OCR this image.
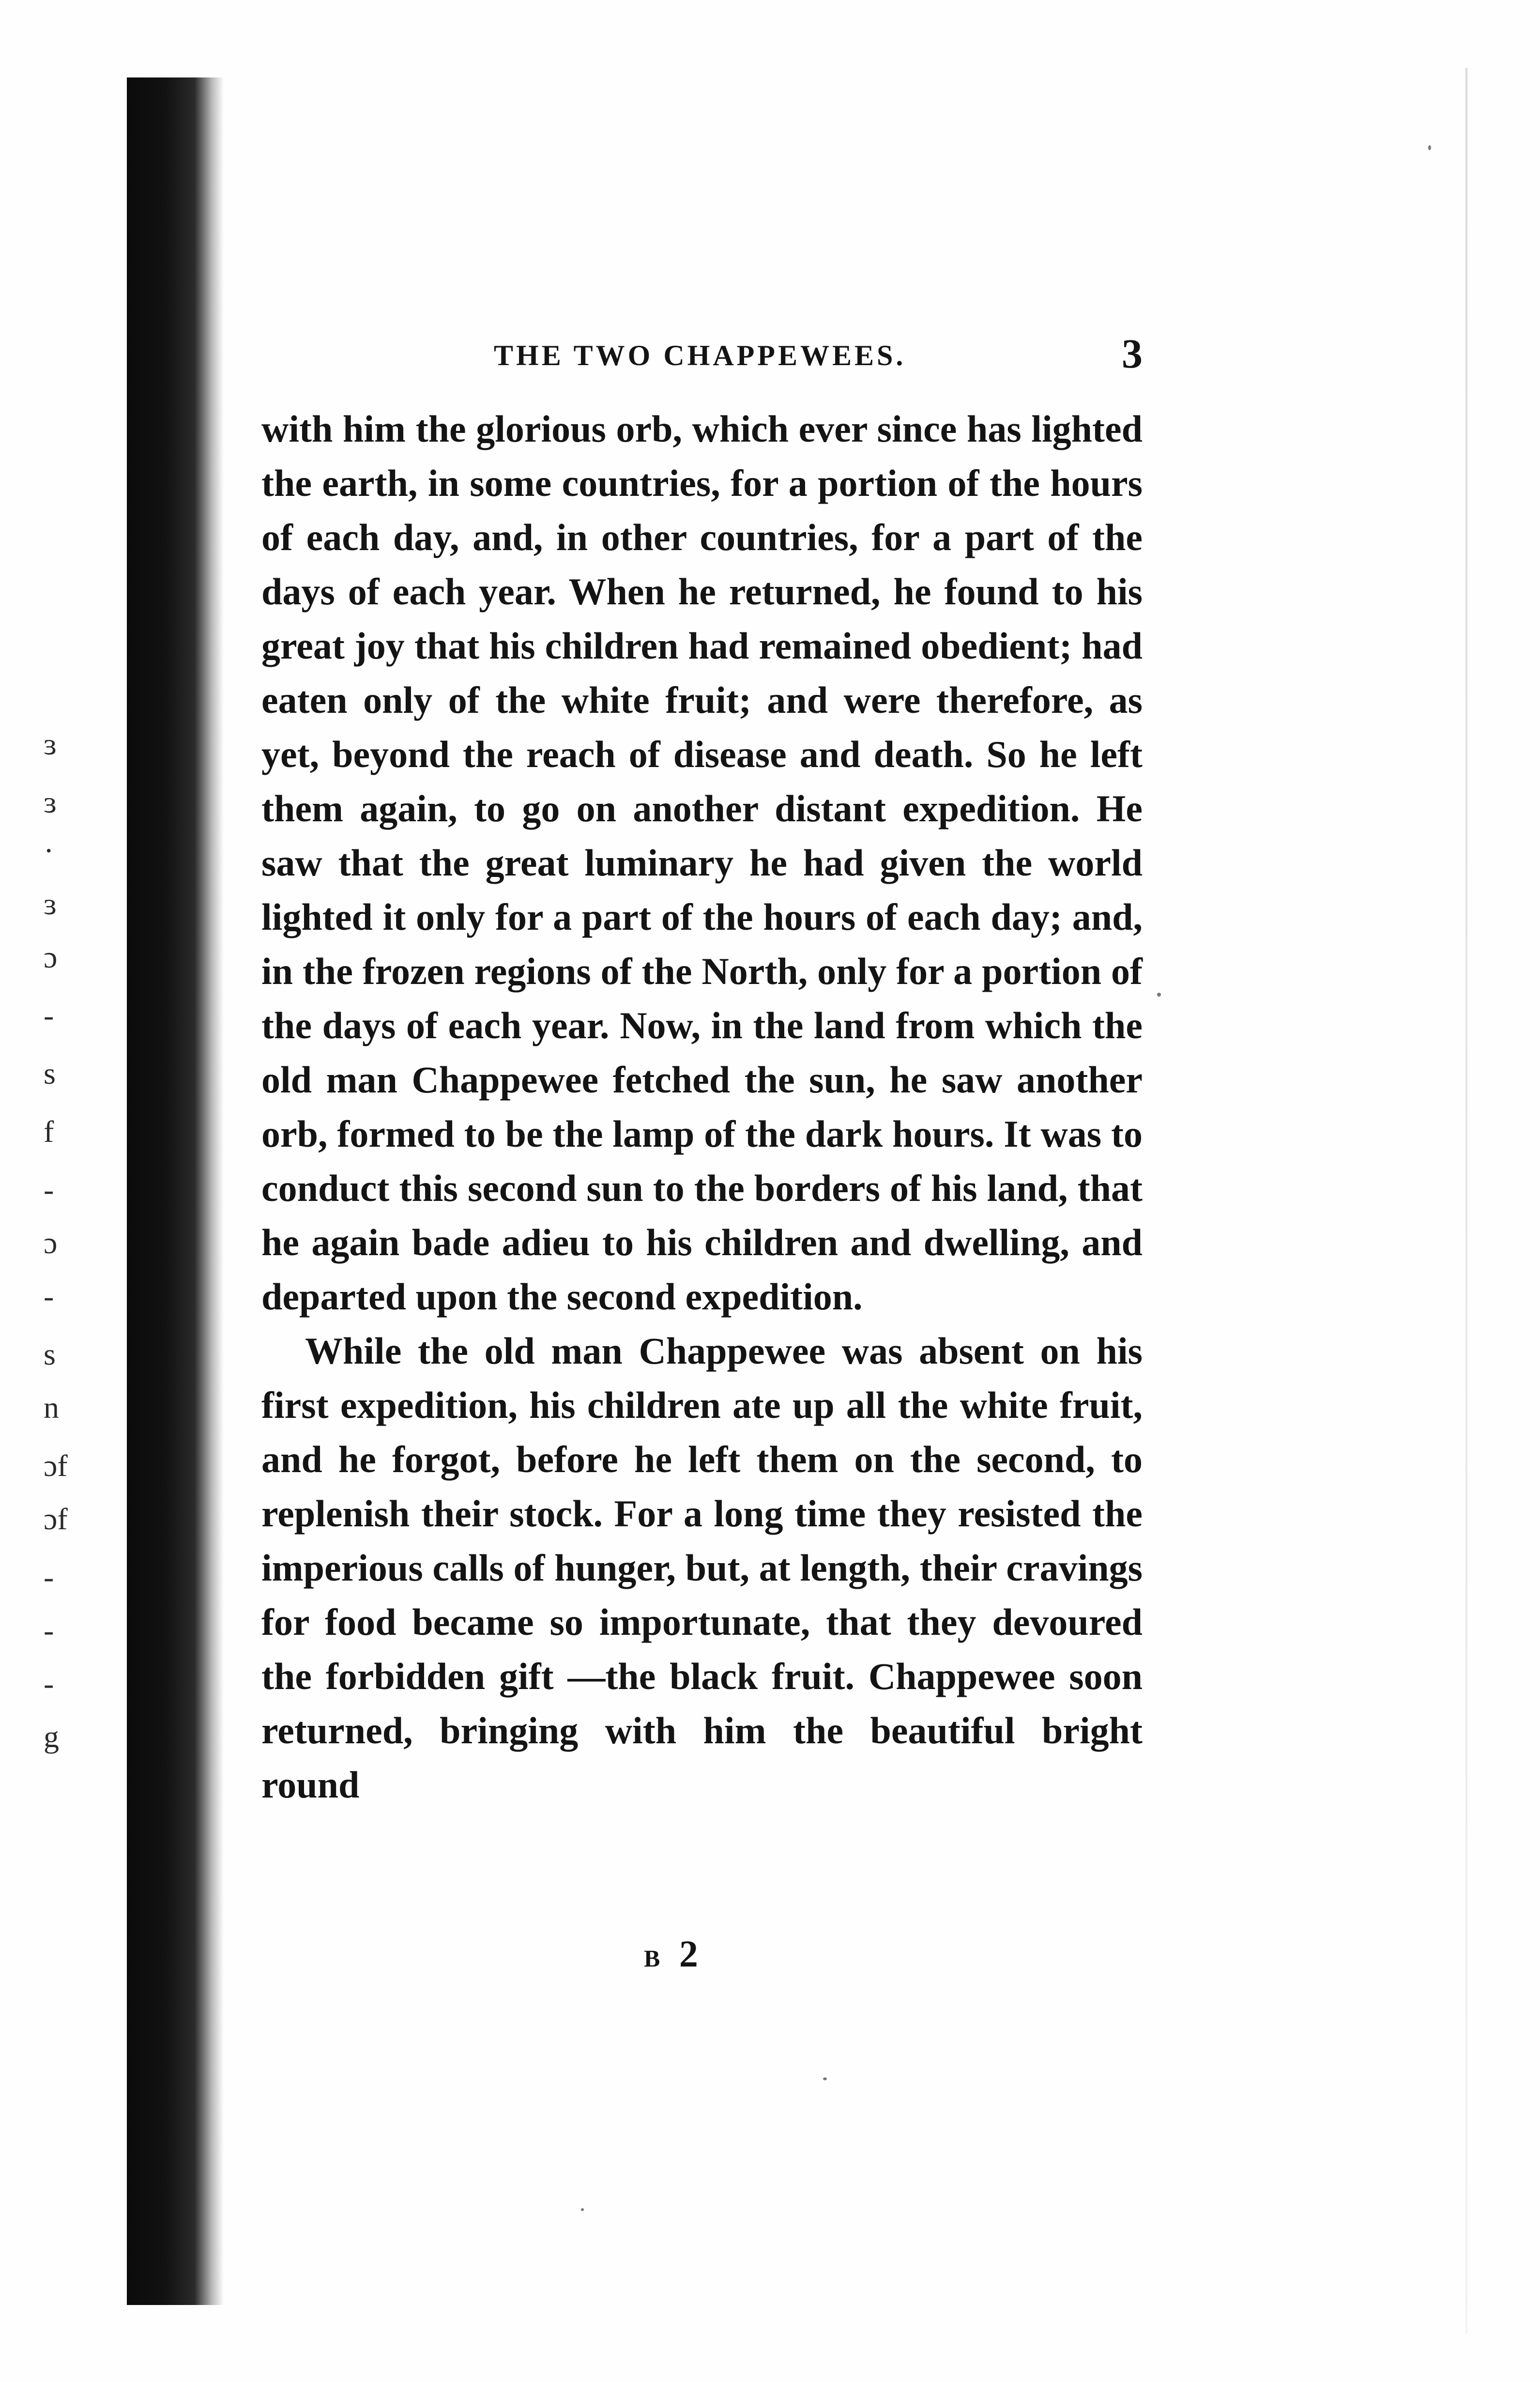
ɜ
ɜ
·
ɜ
ɔ
-
s
f
-
ɔ
-
s
n
ɔf
ɔf
-
-
-
g
THE TWO CHAPPEWEES.	3

with him the glorious orb, which ever since has lighted the earth, in some countries, for a portion of the hours of each day, and, in other countries, for a part of the days of each year. When he returned, he found to his great joy that his children had remained obedient; had eaten only of the white fruit; and were therefore, as yet, beyond the reach of disease and death. So he left them again, to go on another distant expedition. He saw that the great luminary he had given the world lighted it only for a part of the hours of each day; and, in the frozen regions of the North, only for a portion of the days of each year. Now, in the land from which the old man Chappewee fetched the sun, he saw another orb, formed to be the lamp of the dark hours. It was to conduct this second sun to the borders of his land, that he again bade adieu to his children and dwelling, and departed upon the second expedition.

While the old man Chappewee was absent on his first expedition, his children ate up all the white fruit, and he forgot, before he left them on the second, to replenish their stock. For a long time they resisted the imperious calls of hunger, but, at length, their cravings for food became so importunate, that they devoured the forbidden gift —the black fruit. Chappewee soon returned, bringing with him the beautiful bright round

B 2
